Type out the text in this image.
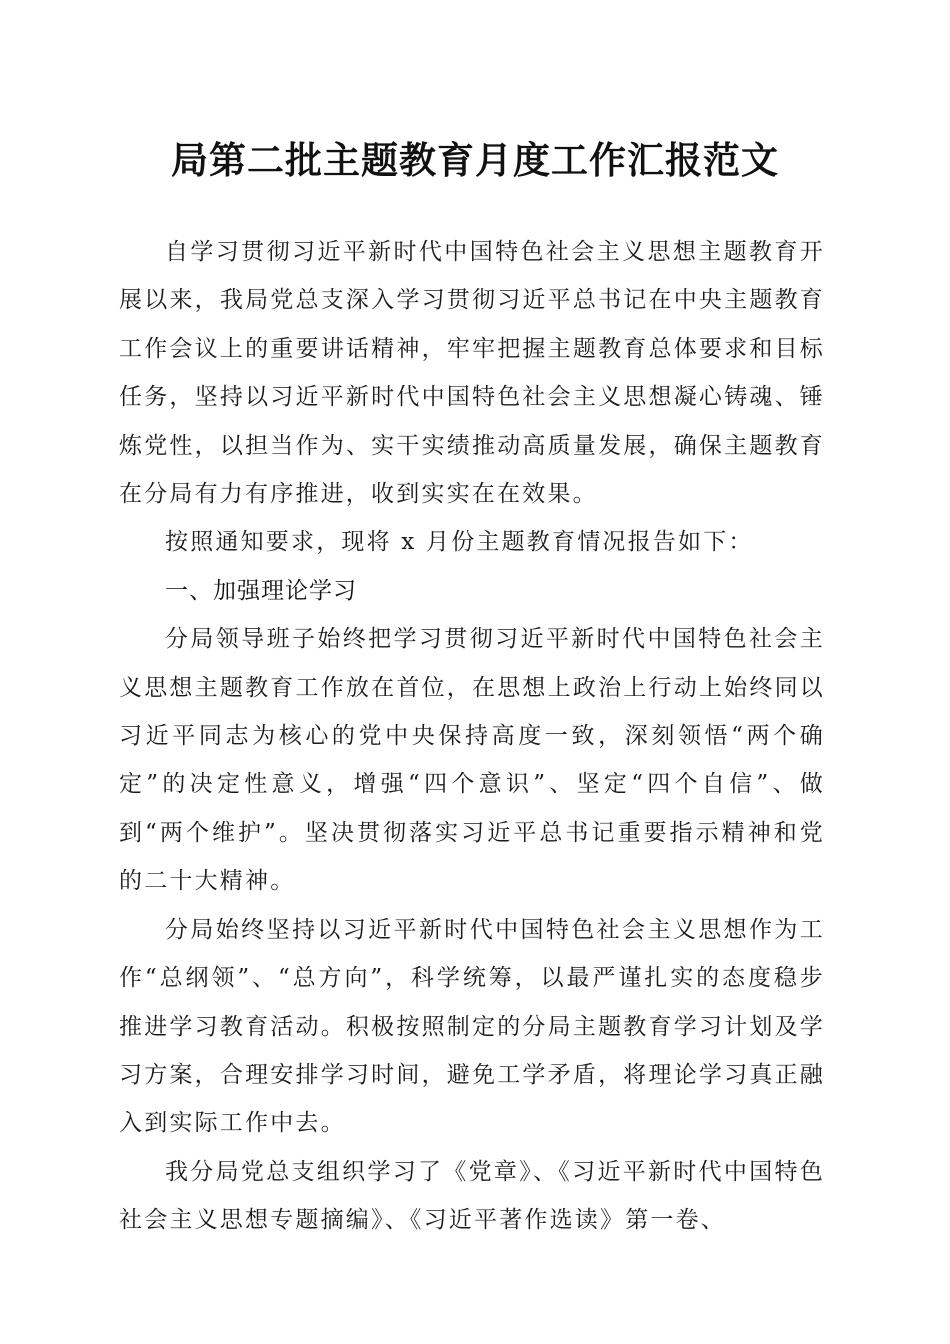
局第二批主题教育月度工作汇报范文

自学习贯彻习近平新时代中国特色社会主义思想主题教育开展以来，我局党总支深入学习贯彻习近平总书记在中央主题教育工作会议上的重要讲话精神，牢牢把握主题教育总体要求和目标任务，坚持以习近平新时代中国特色社会主义思想凝心铸魂、锤炼党性，以担当作为、实干实绩推动高质量发展，确保主题教育在分局有力有序推进，收到实实在在效果。

按照通知要求，现将 x 月份主题教育情况报告如下：

一、加强理论学习

分局领导班子始终把学习贯彻习近平新时代中国特色社会主义思想主题教育工作放在首位，在思想上政治上行动上始终同以习近平同志为核心的党中央保持高度一致，深刻领悟“两个确定”的决定性意义，增强“四个意识”、坚定“四个自信”、做到“两个维护”。坚决贯彻落实习近平总书记重要指示精神和党的二十大精神。

分局始终坚持以习近平新时代中国特色社会主义思想作为工作“总纲领”、“总方向”，科学统筹，以最严谨扎实的态度稳步推进学习教育活动。积极按照制定的分局主题教育学习计划及学习方案，合理安排学习时间，避免工学矛盾，将理论学习真正融入到实际工作中去。

我分局党总支组织学习了《党章》、《习近平新时代中国特色社会主义思想专题摘编》、《习近平著作选读》第一卷、
